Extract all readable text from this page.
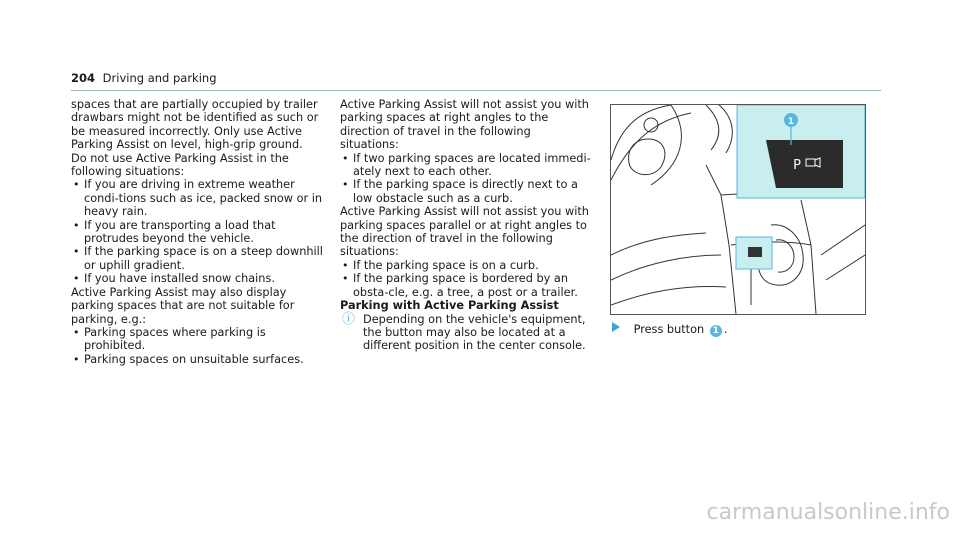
204 Driving and parking

spaces that are partially occupied by trailer drawbars might not be identified as such or be measured incorrectly. Only use Active Parking Assist on level, high-grip ground.

Do not use Active Parking Assist in the following situations:

• If you are driving in extreme weather condi-tions such as ice, packed snow or in heavy rain.
• If you are transporting a load that protrudes beyond the vehicle.
• If the parking space is on a steep downhill or uphill gradient.
• If you have installed snow chains.

Active Parking Assist may also display parking spaces that are not suitable for parking, e.g.:

• Parking spaces where parking is prohibited.
• Parking spaces on unsuitable surfaces.

Active Parking Assist will not assist you with parking spaces at right angles to the direction of travel in the following situations:

• If two parking spaces are located immedi-ately next to each other.
• If the parking space is directly next to a low obstacle such as a curb.

Active Parking Assist will not assist you with parking spaces parallel or at right angles to the direction of travel in the following situations:

• If the parking space is on a curb.
• If the parking space is bordered by an obsta-cle, e.g. a tree, a post or a trailer.

Parking with Active Parking Assist

ⓘ Depending on the vehicle's equipment, the button may also be located at a different position in the center console.
1
P
Press button 1 .
carmanualsonline.info
